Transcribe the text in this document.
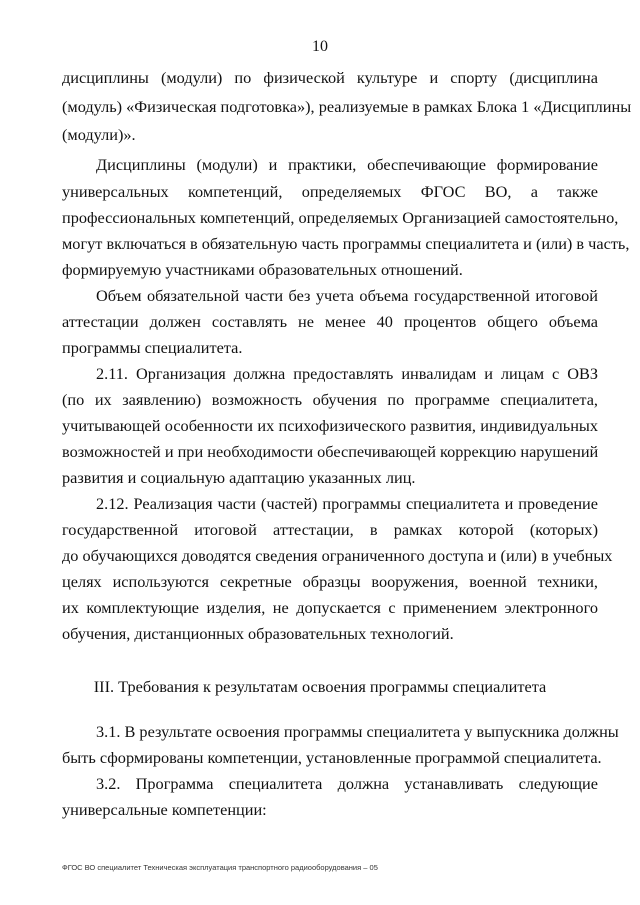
10
дисциплины (модули) по физической культуре и спорту (дисциплина
(модуль) «Физическая подготовка»), реализуемые в рамках Блока 1 «Дисциплины
(модули)».
Дисциплины (модули) и практики, обеспечивающие формирование
универсальных компетенций, определяемых ФГОС ВО, а также
профессиональных компетенций, определяемых Организацией самостоятельно,
могут включаться в обязательную часть программы специалитета и (или) в часть,
формируемую участниками образовательных отношений.
Объем обязательной части без учета объема государственной итоговой
аттестации должен составлять не менее 40 процентов общего объема
программы специалитета.
2.11. Организация должна предоставлять инвалидам и лицам с ОВЗ
(по их заявлению) возможность обучения по программе специалитета,
учитывающей особенности их психофизического развития, индивидуальных
возможностей и при необходимости обеспечивающей коррекцию нарушений
развития и социальную адаптацию указанных лиц.
2.12. Реализация части (частей) программы специалитета и проведение
государственной итоговой аттестации, в рамках которой (которых)
до обучающихся доводятся сведения ограниченного доступа и (или) в учебных
целях используются секретные образцы вооружения, военной техники,
их комплектующие изделия, не допускается с применением электронного
обучения, дистанционных образовательных технологий.
III. Требования к результатам освоения программы специалитета
3.1. В результате освоения программы специалитета у выпускника должны
быть сформированы компетенции, установленные программой специалитета.
3.2. Программа специалитета должна устанавливать следующие
универсальные компетенции:
ФГОС ВО специалитет Техническая эксплуатация транспортного радиооборудования – 05
